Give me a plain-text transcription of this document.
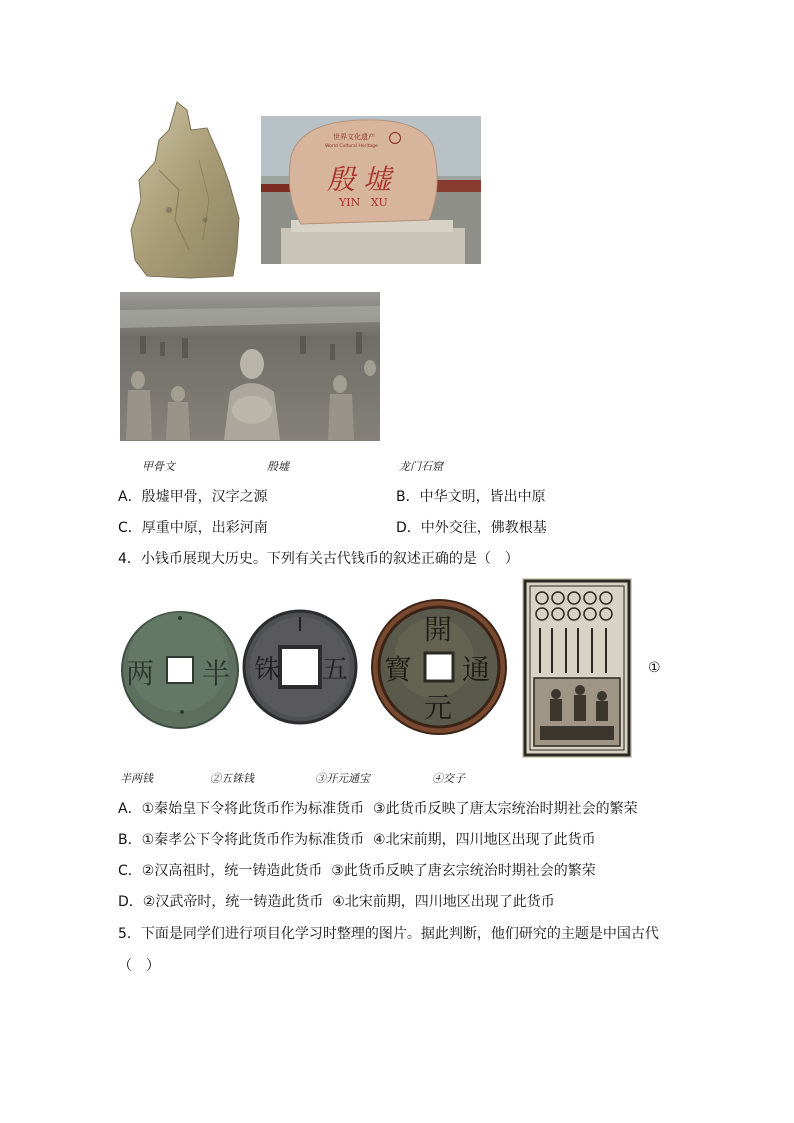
世界文化遗产
World Cultural Heritage
殷墟
YIN   XU
甲骨文	殷墟	龙门石窟
A．殷墟甲骨，汉字之源	B．中华文明，皆出中原
C．厚重中原，出彩河南	D．中外交往，佛教根基
4．小钱币展现大历史。下列有关古代钱币的叙述正确的是（　）
两 半 铢 五
開
元
寳 通	①
半两钱	②五铢钱	③开元通宝	④交子
A．①秦始皇下令将此货币作为标准货币  ③此货币反映了唐太宗统治时期社会的繁荣
B．①秦孝公下令将此货币作为标准货币  ④北宋前期，四川地区出现了此货币
C．②汉高祖时，统一铸造此货币  ③此货币反映了唐玄宗统治时期社会的繁荣
D．②汉武帝时，统一铸造此货币  ④北宋前期，四川地区出现了此货币
5．下面是同学们进行项目化学习时整理的图片。据此判断，他们研究的主题是中国古代
（　）
